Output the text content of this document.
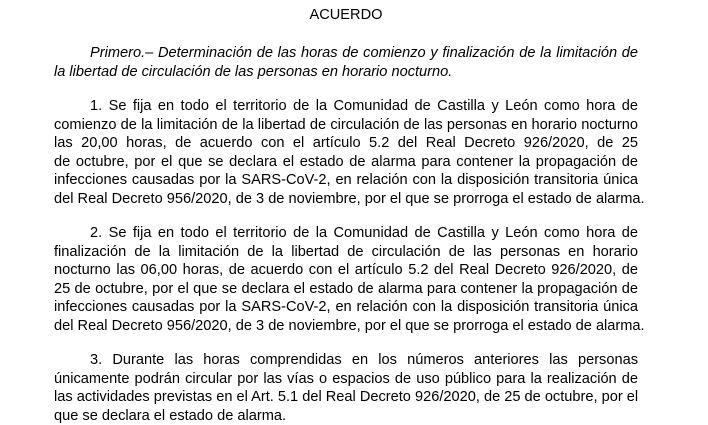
ACUERDO
Primero.– Determinación de las horas de comienzo y finalización de la limitación de
la libertad de circulación de las personas en horario nocturno.
1. Se fija en todo el territorio de la Comunidad de Castilla y León como hora de
comienzo de la limitación de la libertad de circulación de las personas en horario nocturno
las 20,00 horas, de acuerdo con el artículo 5.2 del Real Decreto 926/2020, de 25
de octubre, por el que se declara el estado de alarma para contener la propagación de
infecciones causadas por la SARS-CoV-2, en relación con la disposición transitoria única
del Real Decreto 956/2020, de 3 de noviembre, por el que se prorroga el estado de alarma.
2. Se fija en todo el territorio de la Comunidad de Castilla y León como hora de
finalización de la limitación de la libertad de circulación de las personas en horario
nocturno las 06,00 horas, de acuerdo con el artículo 5.2 del Real Decreto 926/2020, de
25 de octubre, por el que se declara el estado de alarma para contener la propagación de
infecciones causadas por la SARS-CoV-2, en relación con la disposición transitoria única
del Real Decreto 956/2020, de 3 de noviembre, por el que se prorroga el estado de alarma.
3. Durante las horas comprendidas en los números anteriores las personas
únicamente podrán circular por las vías o espacios de uso público para la realización de
las actividades previstas en el Art. 5.1 del Real Decreto 926/2020, de 25 de octubre, por el
que se declara el estado de alarma.
